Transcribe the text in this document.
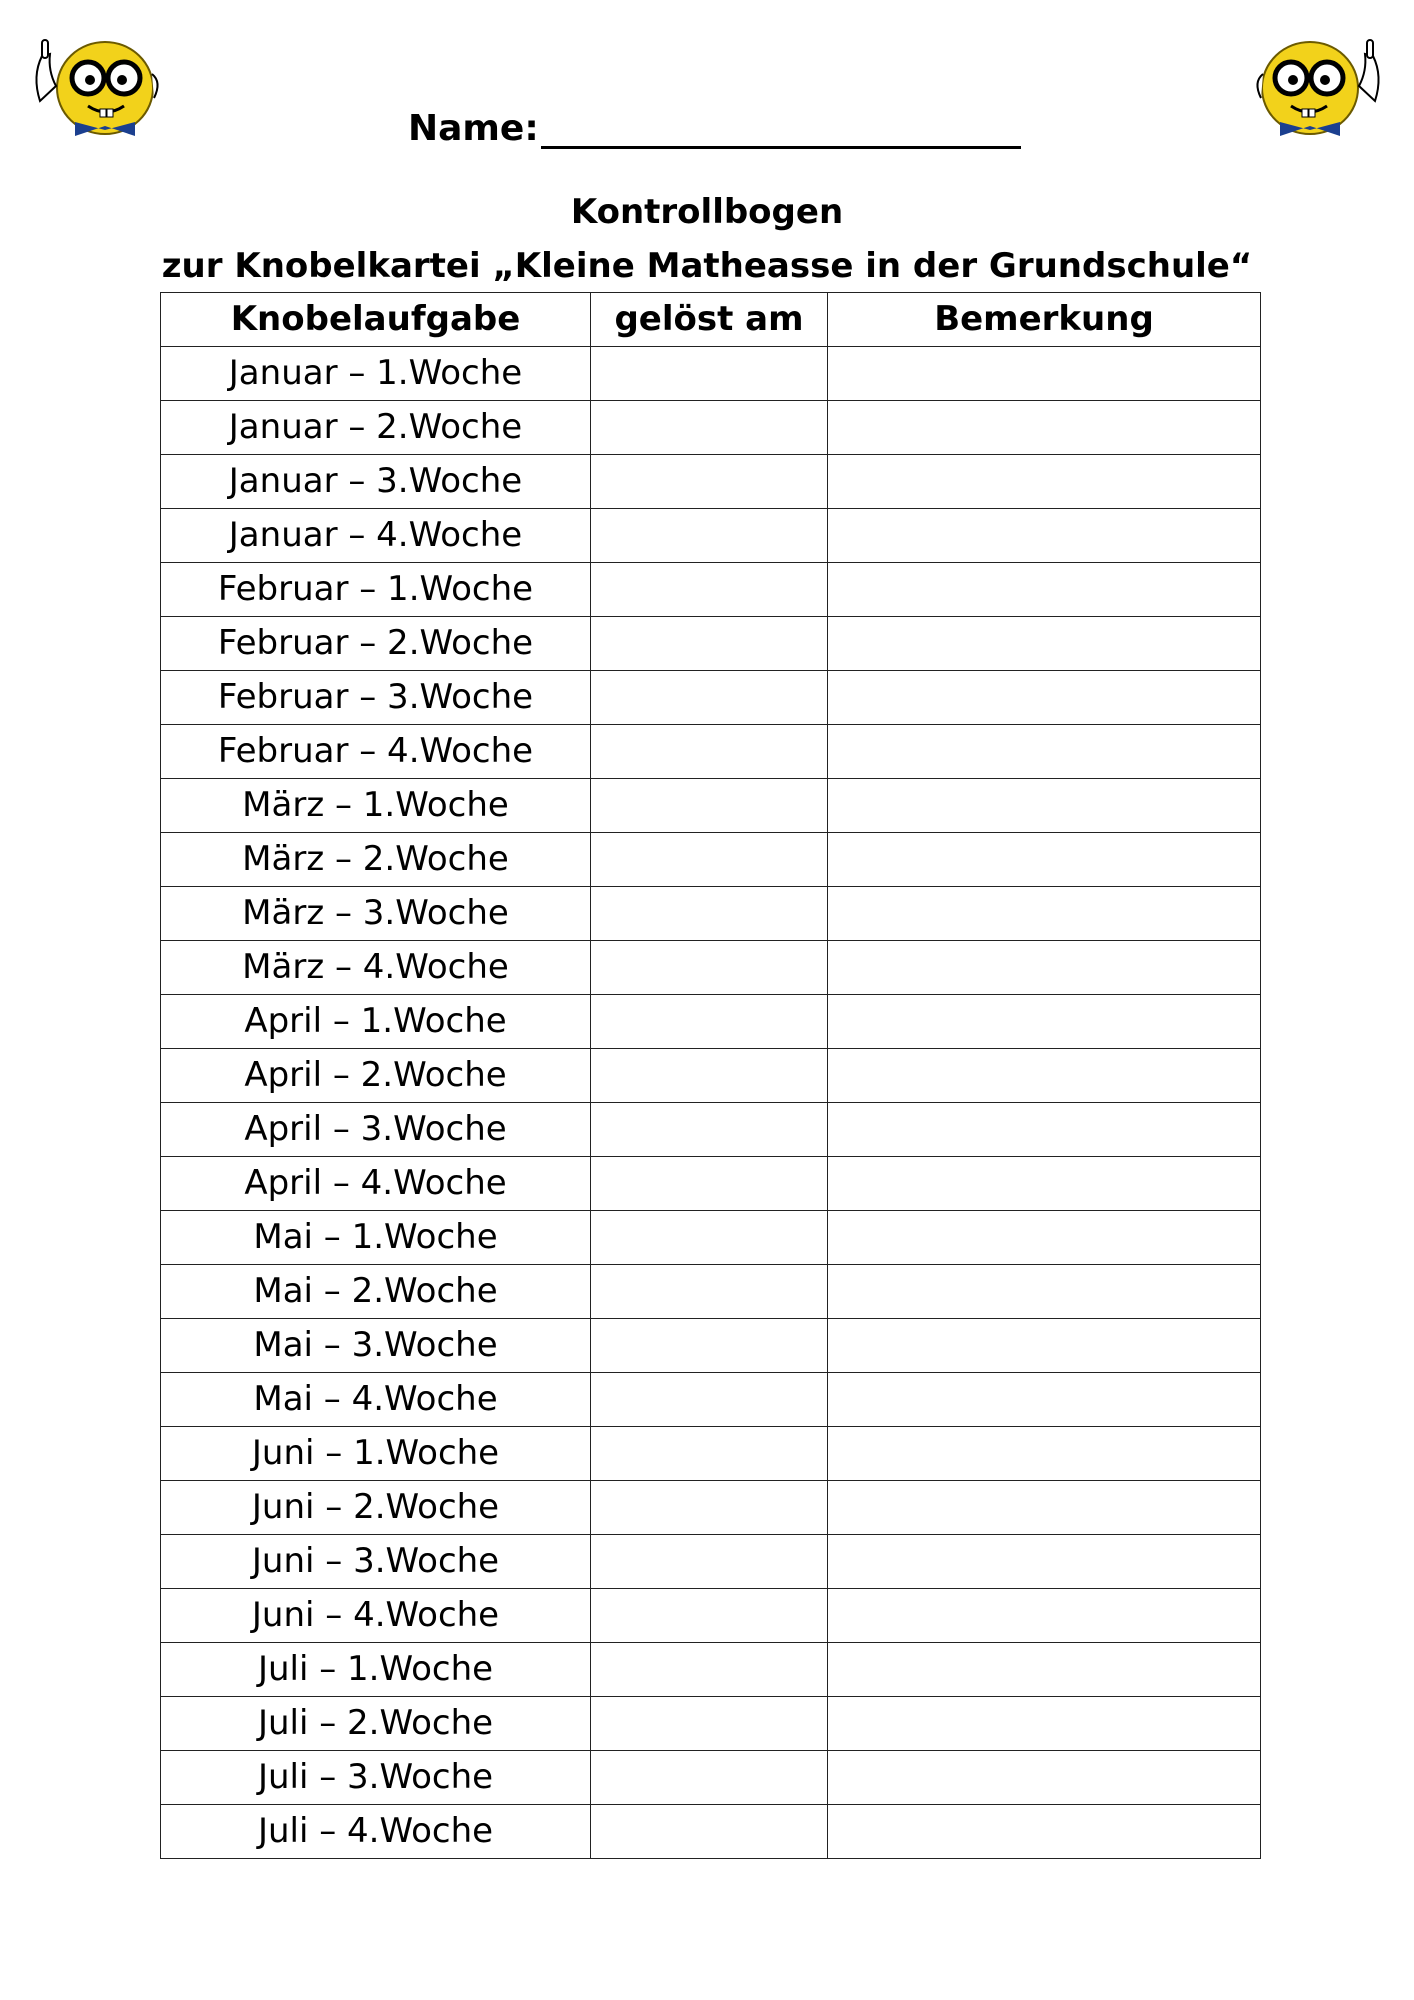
Name:
Kontrollbogen
zur Knobelkartei „Kleine Matheasse in der Grundschule“
Knobelaufgabe	gelöst am	Bemerkung
Januar – 1.Woche		
Januar – 2.Woche		
Januar – 3.Woche		
Januar – 4.Woche		
Februar – 1.Woche		
Februar – 2.Woche		
Februar – 3.Woche		
Februar – 4.Woche		
März – 1.Woche		
März – 2.Woche		
März – 3.Woche		
März – 4.Woche		
April – 1.Woche		
April – 2.Woche		
April – 3.Woche		
April – 4.Woche		
Mai – 1.Woche		
Mai – 2.Woche		
Mai – 3.Woche		
Mai – 4.Woche		
Juni – 1.Woche		
Juni – 2.Woche		
Juni – 3.Woche		
Juni – 4.Woche		
Juli – 1.Woche		
Juli – 2.Woche		
Juli – 3.Woche		
Juli – 4.Woche		
